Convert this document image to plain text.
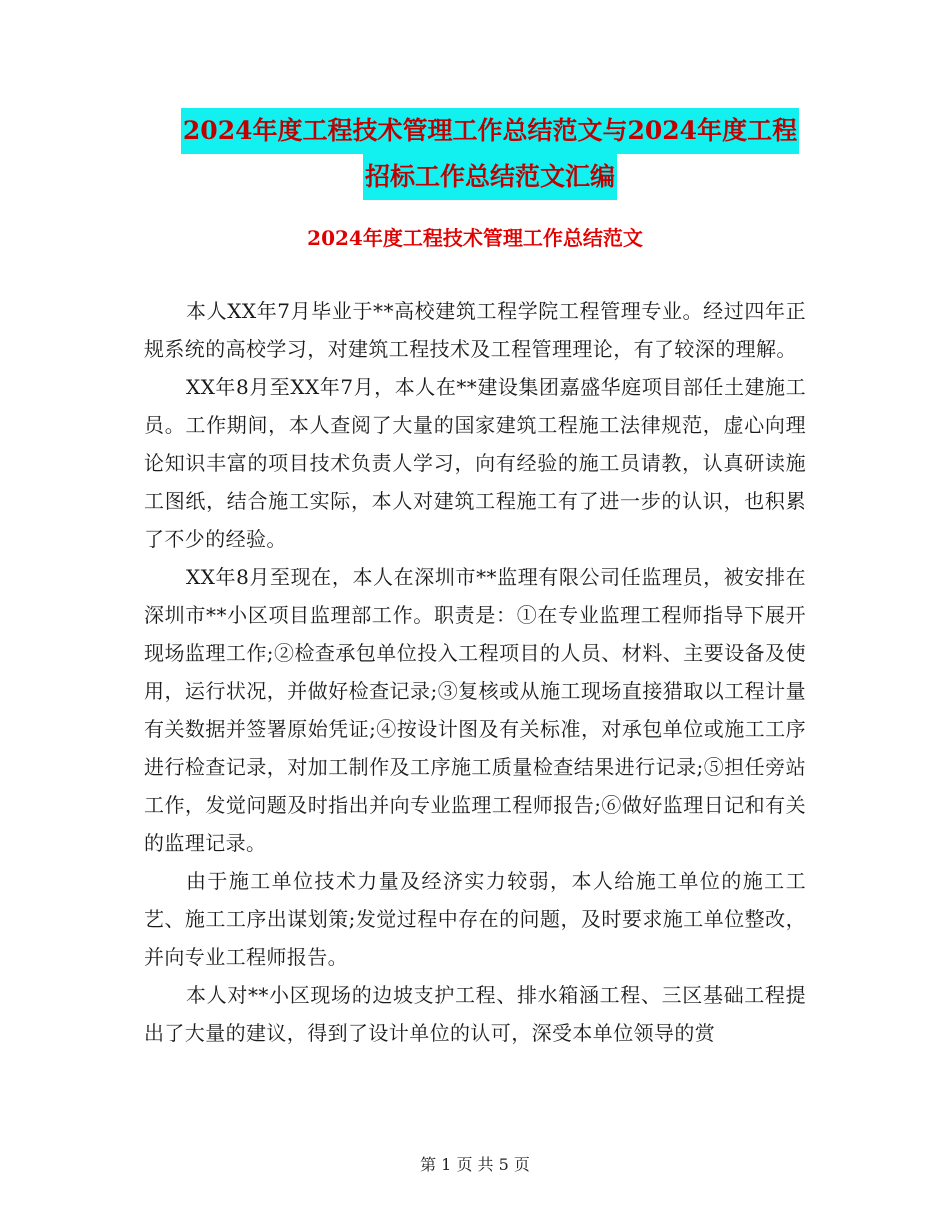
2024年度工程技术管理工作总结范文与2024年度工程
招标工作总结范文汇编
2024年度工程技术管理工作总结范文

本人XX年7月毕业于**高校建筑工程学院工程管理专业。经过四年正规系统的高校学习，对建筑工程技术及工程管理理论，有了较深的理解。

XX年8月至XX年7月，本人在**建设集团嘉盛华庭项目部任土建施工员。工作期间，本人查阅了大量的国家建筑工程施工法律规范，虚心向理论知识丰富的项目技术负责人学习，向有经验的施工员请教，认真研读施工图纸，结合施工实际，本人对建筑工程施工有了进一步的认识，也积累了不少的经验。

XX年8月至现在，本人在深圳市**监理有限公司任监理员，被安排在深圳市**小区项目监理部工作。职责是：①在专业监理工程师指导下展开现场监理工作;②检查承包单位投入工程项目的人员、材料、主要设备及使用，运行状况，并做好检查记录;③复核或从施工现场直接猎取以工程计量有关数据并签署原始凭证;④按设计图及有关标准，对承包单位或施工工序进行检查记录，对加工制作及工序施工质量检查结果进行记录;⑤担任旁站工作，发觉问题及时指出并向专业监理工程师报告;⑥做好监理日记和有关的监理记录。

由于施工单位技术力量及经济实力较弱，本人给施工单位的施工工艺、施工工序出谋划策;发觉过程中存在的问题，及时要求施工单位整改，并向专业工程师报告。

本人对**小区现场的边坡支护工程、排水箱涵工程、三区基础工程提出了大量的建议，得到了设计单位的认可，深受本单位领导的赏

第 1 页 共 5 页
